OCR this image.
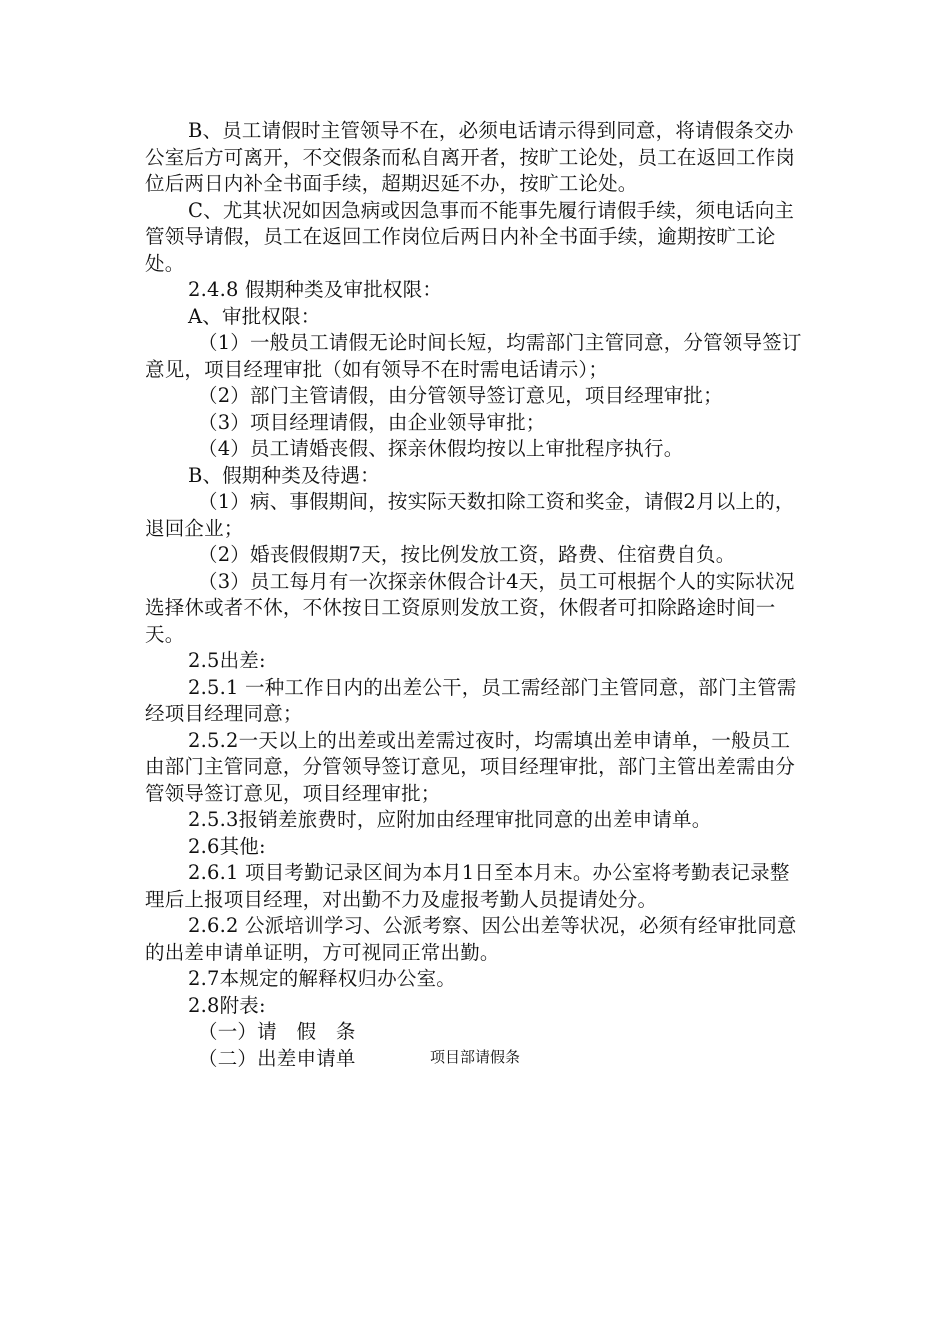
B、员工请假时主管领导不在，必须电话请示得到同意，将请假条交办公室后方可离开，不交假条而私自离开者，按旷工论处，员工在返回工作岗位后两日内补全书面手续，超期迟延不办，按旷工论处。

C、尤其状况如因急病或因急事而不能事先履行请假手续，须电话向主管领导请假，员工在返回工作岗位后两日内补全书面手续，逾期按旷工论处。

2.4.8 假期种类及审批权限：

A、审批权限：

（1）一般员工请假无论时间长短，均需部门主管同意，分管领导签订意见，项目经理审批（如有领导不在时需电话请示）；

（2）部门主管请假，由分管领导签订意见，项目经理审批；

（3）项目经理请假，由企业领导审批；

（4）员工请婚丧假、探亲休假均按以上审批程序执行。

B、假期种类及待遇：

（1）病、事假期间，按实际天数扣除工资和奖金，请假2月以上的，退回企业；

（2）婚丧假假期7天，按比例发放工资，路费、住宿费自负。

（3）员工每月有一次探亲休假合计4天，员工可根据个人的实际状况选择休或者不休，不休按日工资原则发放工资，休假者可扣除路途时间一天。

2.5出差:

2.5.1 一种工作日内的出差公干，员工需经部门主管同意，部门主管需经项目经理同意；

2.5.2一天以上的出差或出差需过夜时，均需填出差申请单，一般员工由部门主管同意，分管领导签订意见，项目经理审批，部门主管出差需由分管领导签订意见，项目经理审批；

2.5.3报销差旅费时，应附加由经理审批同意的出差申请单。

2.6其他:

2.6.1 项目考勤记录区间为本月1日至本月末。办公室将考勤表记录整理后上报项目经理，对出勤不力及虚报考勤人员提请处分。

2.6.2 公派培训学习、公派考察、因公出差等状况，必须有经审批同意的出差申请单证明，方可视同正常出勤。

2.7本规定的解释权归办公室。

2.8附表:

（一）请　假　条

（二）出差申请单	项目部请假条
